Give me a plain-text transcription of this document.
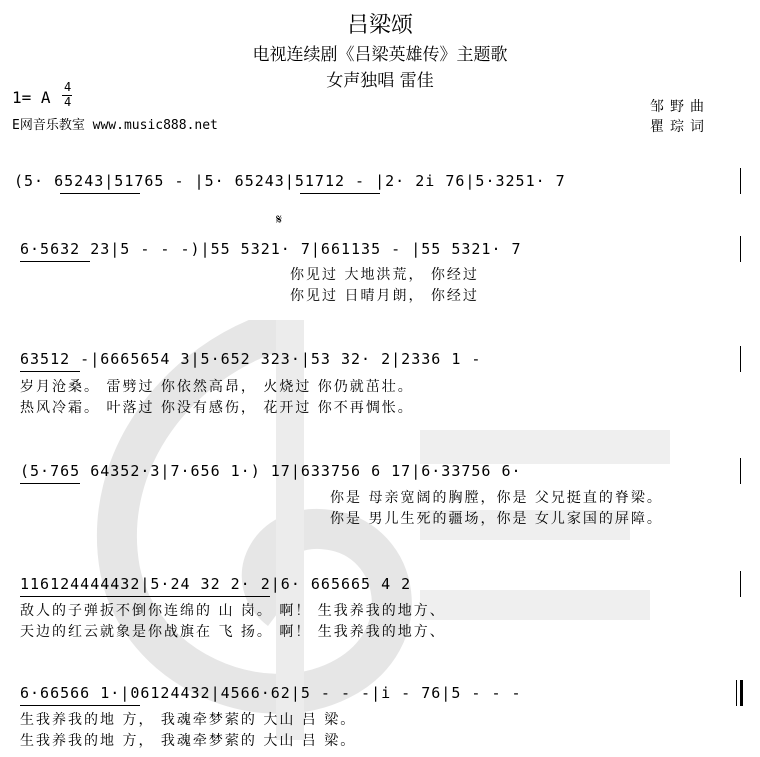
吕梁颂
电视连续剧《吕梁英雄传》主题歌
女声独唱 雷佳
1= A
4
4
E网音乐教室 www.music888.net
邹野曲
瞿琮词
(5· 65243|51765 - |5· 65243|51712 - |2· 2i 76|5·3251· 7
6·5632 23|5 - - -)|55 5321· 7|661135 - |55 5321· 7
𝄋
你见过 大地洪荒， 你经过
你见过 日晴月朗， 你经过
63512 -|6665654 3|5·652 323·|53 32· 2|2336 1 -
岁月沧桑。 雷劈过 你依然高昂， 火烧过 你仍就茁壮。
热风冷霜。 叶落过 你没有感伤， 花开过 你不再惆怅。
(5·765 64352·3|7·656 1·) 17|633756 6 17|6·33756 6·
你是 母亲宽阔的胸膛，你是 父兄挺直的脊梁。
你是 男儿生死的疆场，你是 女儿家国的屏障。
116124444432|5·24 32 2· 2|6· 665665 4 2
敌人的子弹扳不倒你连绵的 山 岗。 啊！ 生我养我的地方、
天边的红云就象是你战旗在 飞 扬。 啊！ 生我养我的地方、
6·66566 1·|06124432|4566·62|5 - - -|i - 76|5 - - -
生我养我的地 方， 我魂牵梦萦的 大山 吕 梁。
生我养我的地 方， 我魂牵梦萦的 大山 吕 梁。
